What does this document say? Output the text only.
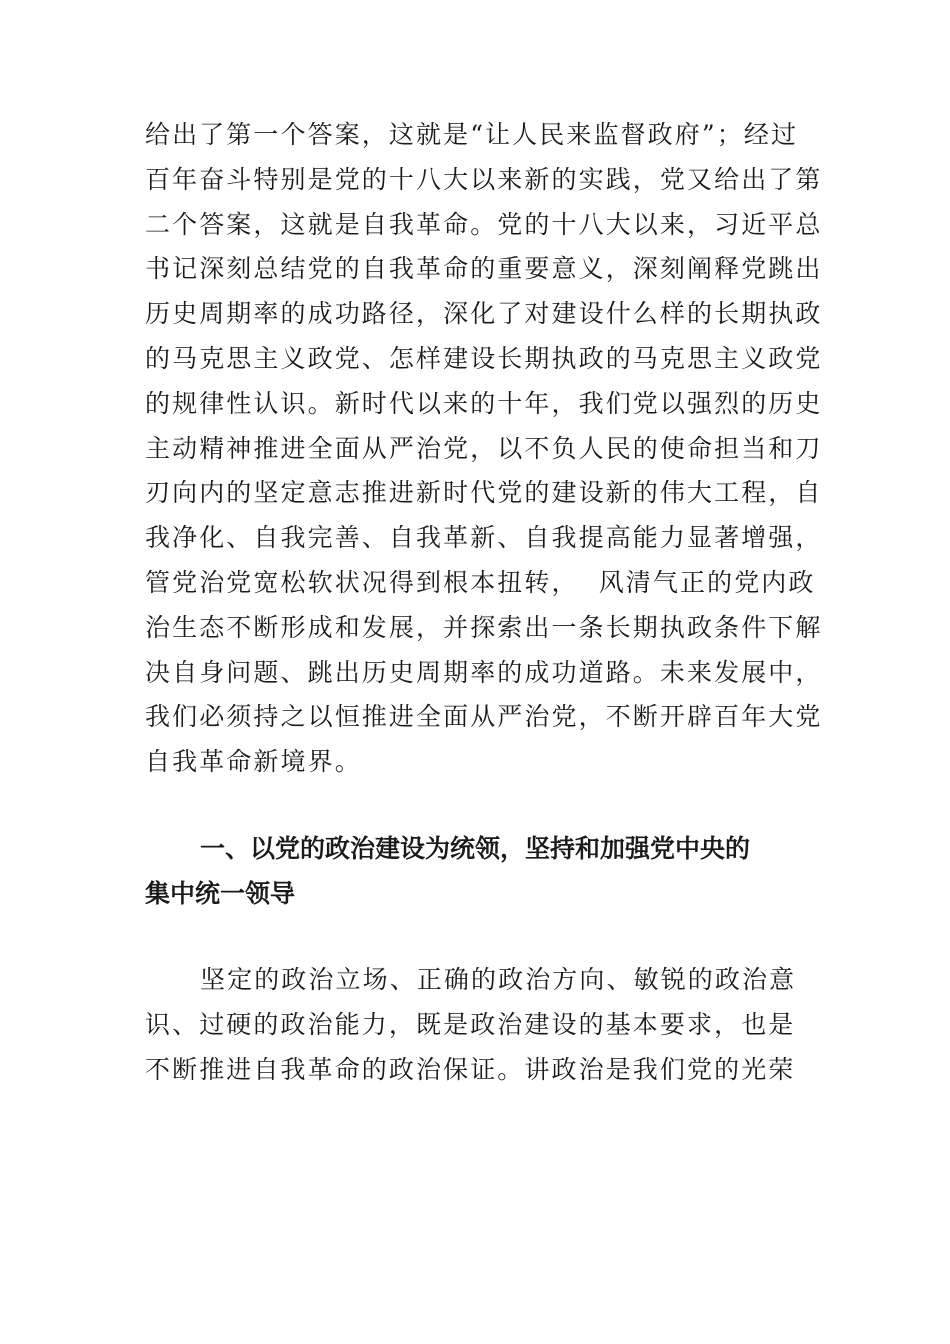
给出了第一个答案，这就是“让人民来监督政府”；经过
百年奋斗特别是党的十八大以来新的实践，党又给出了第
二个答案，这就是自我革命。党的十八大以来，习近平总
书记深刻总结党的自我革命的重要意义，深刻阐释党跳出
历史周期率的成功路径，深化了对建设什么样的长期执政
的马克思主义政党、怎样建设长期执政的马克思主义政党
的规律性认识。新时代以来的十年，我们党以强烈的历史
主动精神推进全面从严治党，以不负人民的使命担当和刀
刃向内的坚定意志推进新时代党的建设新的伟大工程，自
我净化、自我完善、自我革新、自我提高能力显著增强，
管党治党宽松软状况得到根本扭转，  风清气正的党内政
治生态不断形成和发展，并探索出一条长期执政条件下解
决自身问题、跳出历史周期率的成功道路。未来发展中，
我们必须持之以恒推进全面从严治党，不断开辟百年大党
自我革命新境界。
一、以党的政治建设为统领，坚持和加强党中央的
集中统一领导
坚定的政治立场、正确的政治方向、敏锐的政治意
识、过硬的政治能力，既是政治建设的基本要求，也是
不断推进自我革命的政治保证。讲政治是我们党的光荣
